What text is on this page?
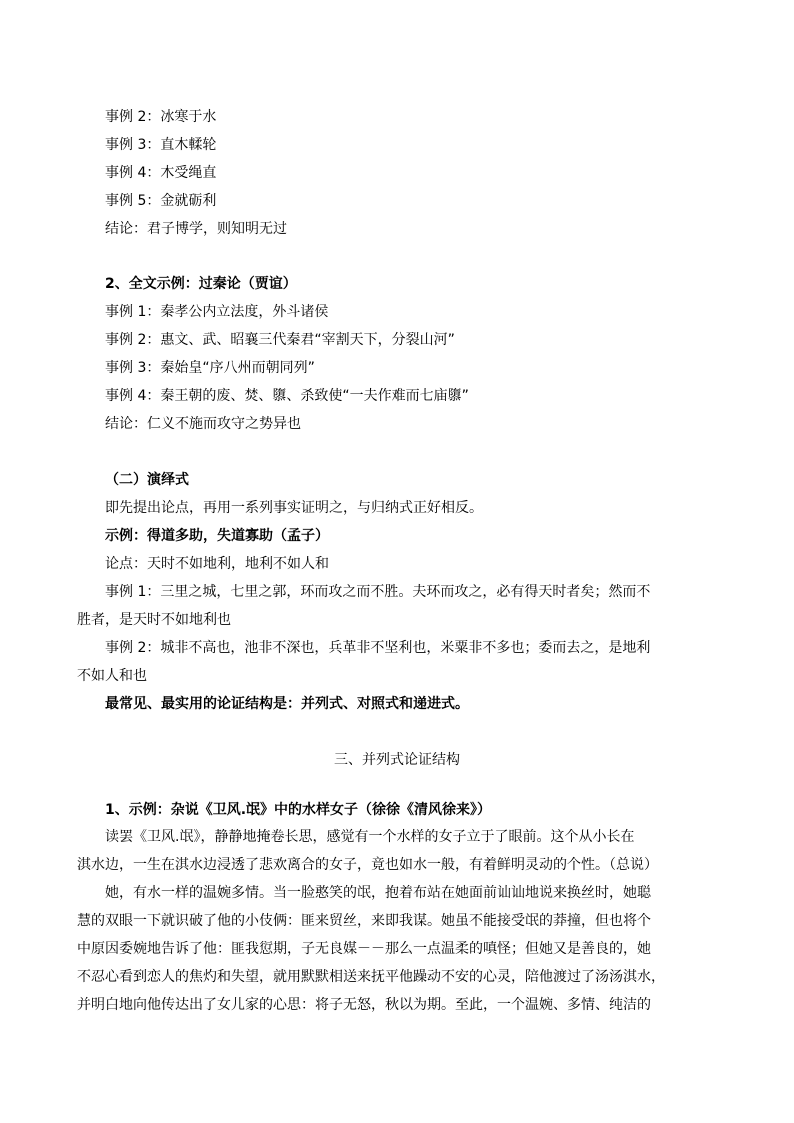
事例 2：冰寒于水
事例 3：直木輮轮
事例 4：木受绳直
事例 5：金就砺利
结论：君子博学，则知明无过
2、全文示例：过秦论（贾谊）
事例 1：秦孝公内立法度，外斗诸侯
事例 2：惠文、武、昭襄三代秦君“宰割天下，分裂山河”
事例 3：秦始皇“序八州而朝同列”
事例 4：秦王朝的废、焚、隳、杀致使“一夫作难而七庙隳”
结论：仁义不施而攻守之势异也
（二）演绎式
即先提出论点，再用一系列事实证明之，与归纳式正好相反。
示例：得道多助，失道寡助（孟子）
论点：天时不如地利，地利不如人和
事例 1：三里之城，七里之郭，环而攻之而不胜。夫环而攻之，必有得天时者矣；然而不
胜者，是天时不如地利也
事例 2：城非不高也，池非不深也，兵革非不坚利也，米粟非不多也；委而去之，是地利
不如人和也
最常见、最实用的论证结构是：并列式、对照式和递进式。
三、并列式论证结构
1、示例：杂说《卫风.氓》中的水样女子（徐徐《清风徐来》）
读罢《卫风.氓》，静静地掩卷长思，感觉有一个水样的女子立于了眼前。这个从小长在
淇水边，一生在淇水边浸透了悲欢离合的女子，竟也如水一般，有着鲜明灵动的个性。（总说）
她，有水一样的温婉多情。当一脸憨笑的氓，抱着布站在她面前讪讪地说来换丝时，她聪
慧的双眼一下就识破了他的小伎俩：匪来贸丝，来即我谋。她虽不能接受氓的莽撞，但也将个
中原因委婉地告诉了他：匪我愆期，子无良媒－－那么一点温柔的嗔怪；但她又是善良的，她
不忍心看到恋人的焦灼和失望，就用默默相送来抚平他躁动不安的心灵，陪他渡过了汤汤淇水，
并明白地向他传达出了女儿家的心思：将子无怒，秋以为期。至此，一个温婉、多情、纯洁的
